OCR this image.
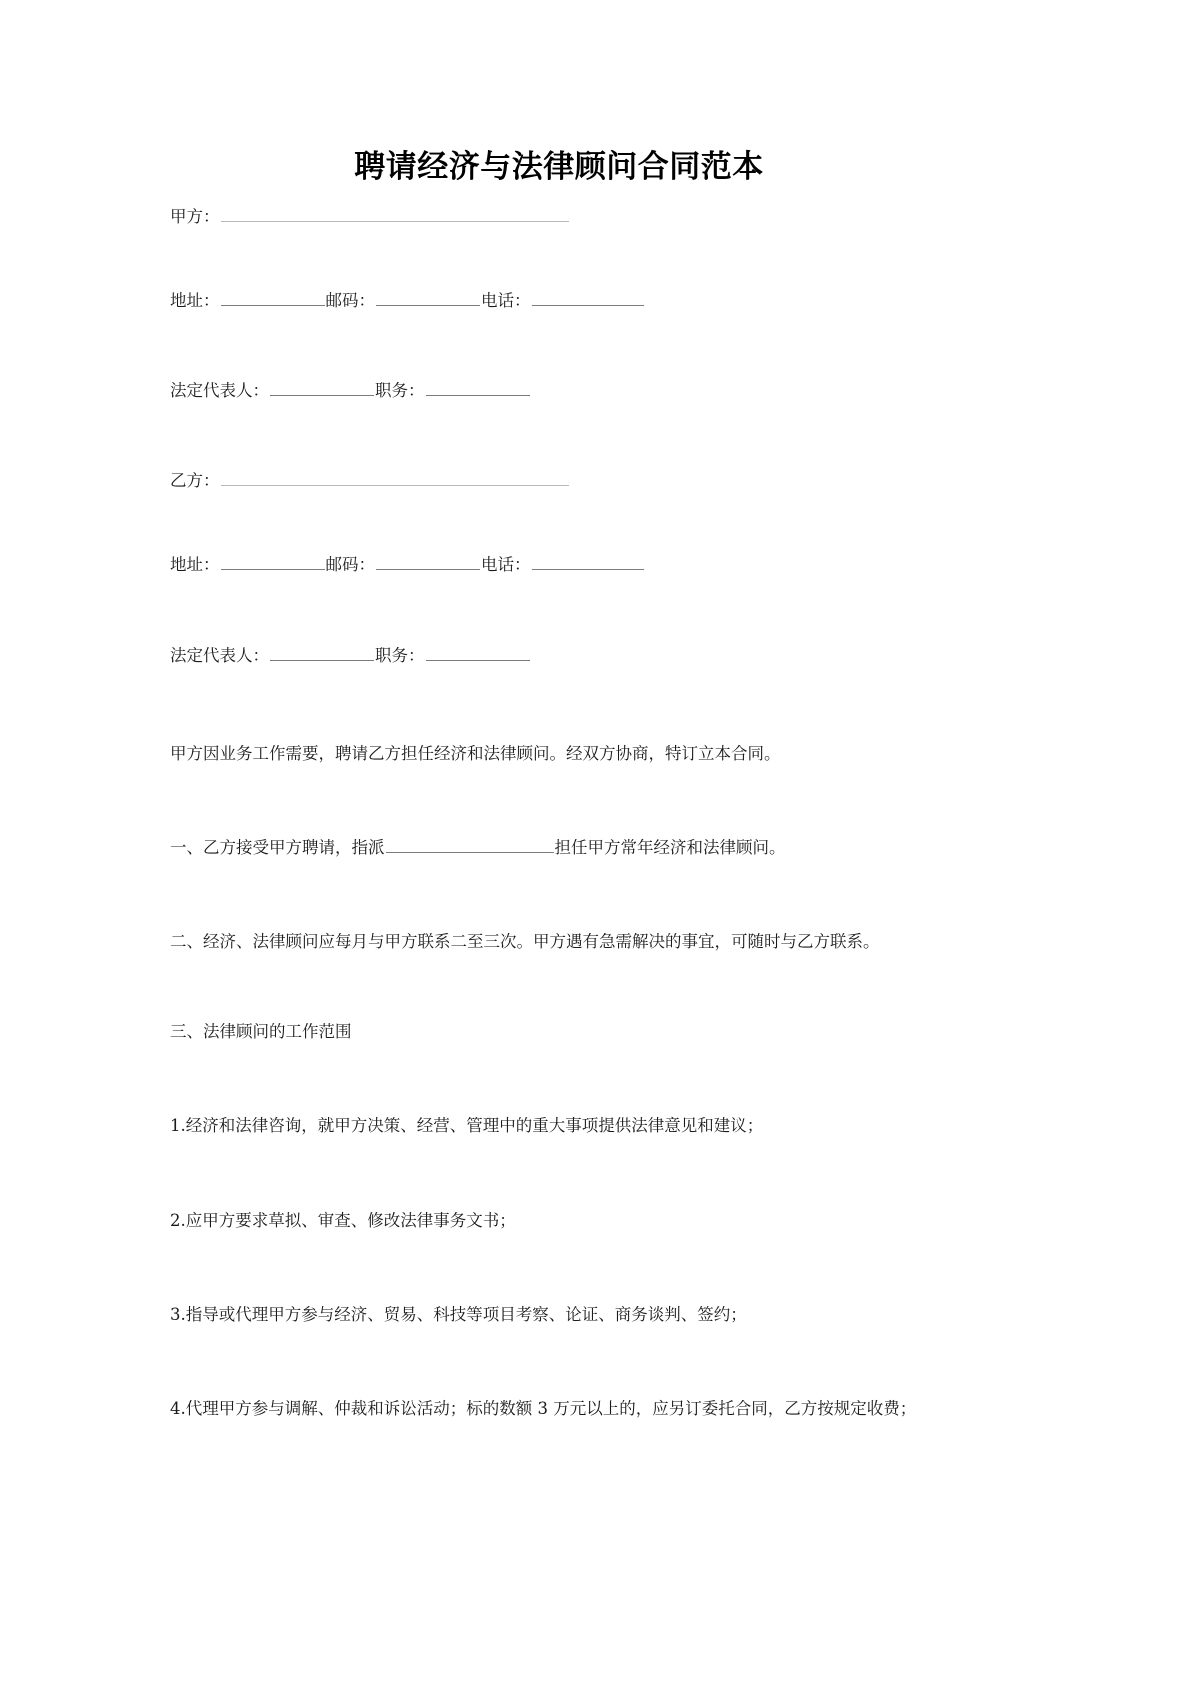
聘请经济与法律顾问合同范本

甲方：

地址：	邮码：	电话：

法定代表人：	职务：

乙方：

地址：	邮码：	电话：

法定代表人：	职务：

甲方因业务工作需要，聘请乙方担任经济和法律顾问。经双方协商，特订立本合同。

一、乙方接受甲方聘请，指派	担任甲方常年经济和法律顾问。

二、经济、法律顾问应每月与甲方联系二至三次。甲方遇有急需解决的事宜，可随时与乙方联系。

三、法律顾问的工作范围

1.经济和法律咨询，就甲方决策、经营、管理中的重大事项提供法律意见和建议；

2.应甲方要求草拟、审查、修改法律事务文书；

3.指导或代理甲方参与经济、贸易、科技等项目考察、论证、商务谈判、签约；

4.代理甲方参与调解、仲裁和诉讼活动；标的数额 3 万元以上的，应另订委托合同，乙方按规定收费；
